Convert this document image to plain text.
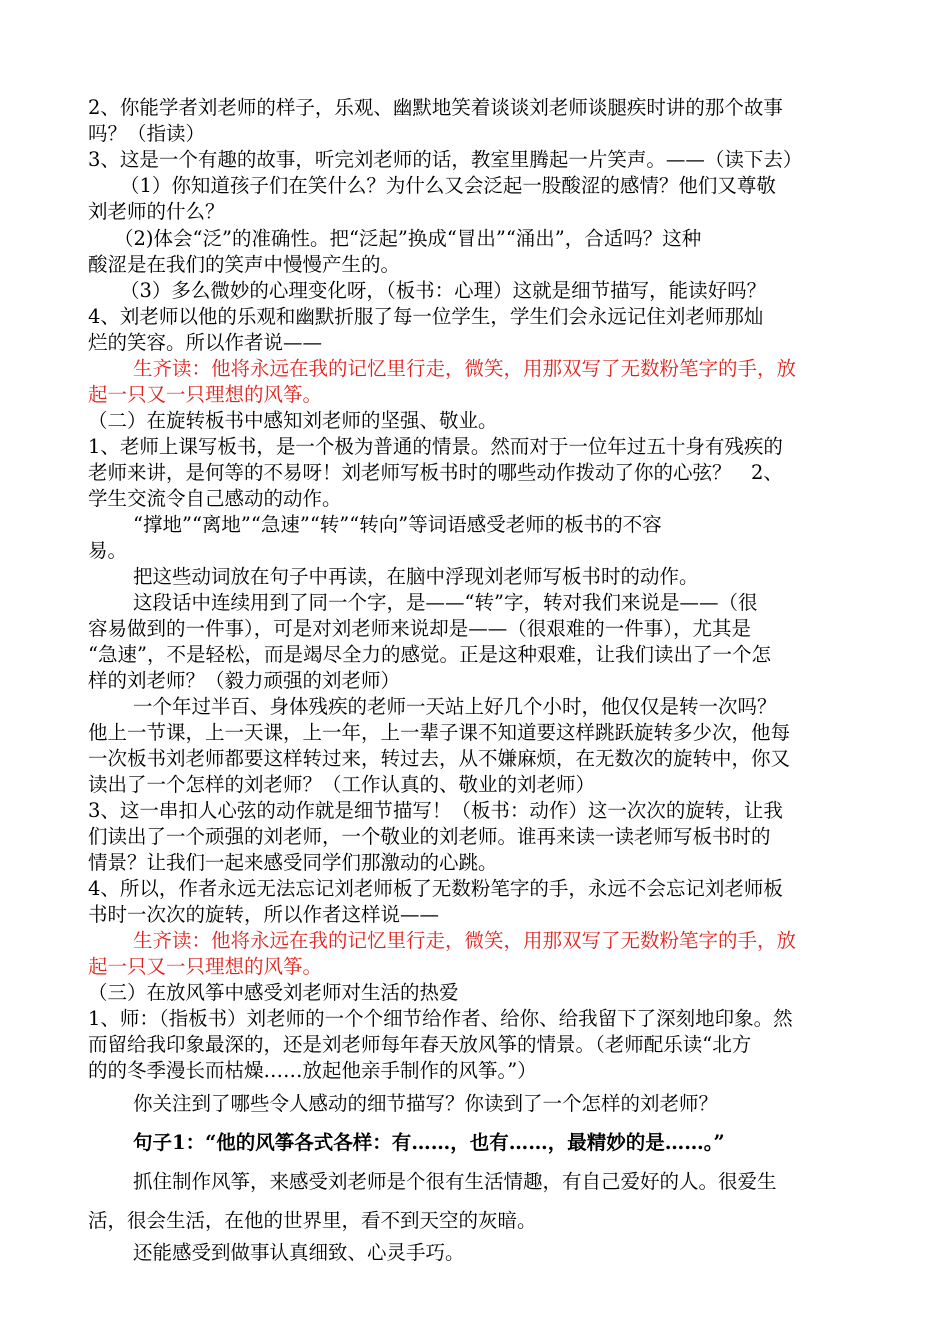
2、你能学者刘老师的样子，乐观、幽默地笑着谈谈刘老师谈腿疾时讲的那个故事
吗？（指读）
3、这是一个有趣的故事，听完刘老师的话，教室里腾起一片笑声。——（读下去）
（1）你知道孩子们在笑什么？为什么又会泛起一股酸涩的感情？他们又尊敬
刘老师的什么？
（2)体会“泛”的准确性。把“泛起”换成“冒出”“涌出”，合适吗？这种
酸涩是在我们的笑声中慢慢产生的。
（3）多么微妙的心理变化呀，（板书：心理）这就是细节描写，能读好吗？
4、刘老师以他的乐观和幽默折服了每一位学生，学生们会永远记住刘老师那灿
烂的笑容。所以作者说——
生齐读：他将永远在我的记忆里行走，微笑，用那双写了无数粉笔字的手，放
起一只又一只理想的风筝。
（二）在旋转板书中感知刘老师的坚强、敬业。
1、老师上课写板书，是一个极为普通的情景。然而对于一位年过五十身有残疾的
老师来讲，是何等的不易呀！刘老师写板书时的哪些动作拨动了你的心弦？　2、
学生交流令自己感动的动作。
“撑地”“离地”“急速”“转”“转向”等词语感受老师的板书的不容
易。
把这些动词放在句子中再读，在脑中浮现刘老师写板书时的动作。
这段话中连续用到了同一个字，是——“转”字，转对我们来说是——（很
容易做到的一件事），可是对刘老师来说却是——（很艰难的一件事），尤其是
“急速”，不是轻松，而是竭尽全力的感觉。正是这种艰难，让我们读出了一个怎
样的刘老师？（毅力顽强的刘老师）
一个年过半百、身体残疾的老师一天站上好几个小时，他仅仅是转一次吗？
他上一节课，上一天课，上一年，上一辈子课不知道要这样跳跃旋转多少次，他每
一次板书刘老师都要这样转过来，转过去，从不嫌麻烦，在无数次的旋转中，你又
读出了一个怎样的刘老师？（工作认真的、敬业的刘老师）
3、这一串扣人心弦的动作就是细节描写！（板书：动作）这一次次的旋转，让我
们读出了一个顽强的刘老师，一个敬业的刘老师。谁再来读一读老师写板书时的
情景？让我们一起来感受同学们那激动的心跳。
4、所以，作者永远无法忘记刘老师板了无数粉笔字的手，永远不会忘记刘老师板
书时一次次的旋转，所以作者这样说——
生齐读：他将永远在我的记忆里行走，微笑，用那双写了无数粉笔字的手，放
起一只又一只理想的风筝。
（三）在放风筝中感受刘老师对生活的热爱
1、师：（指板书）刘老师的一个个细节给作者、给你、给我留下了深刻地印象。然
而留给我印象最深的，还是刘老师每年春天放风筝的情景。（老师配乐读“北方
的的冬季漫长而枯燥……放起他亲手制作的风筝。”）
你关注到了哪些令人感动的细节描写？你读到了一个怎样的刘老师？
句子1：“他的风筝各式各样：有……，也有……，最精妙的是……。”
抓住制作风筝，来感受刘老师是个很有生活情趣，有自己爱好的人。很爱生
活，很会生活，在他的世界里，看不到天空的灰暗。
还能感受到做事认真细致、心灵手巧。
